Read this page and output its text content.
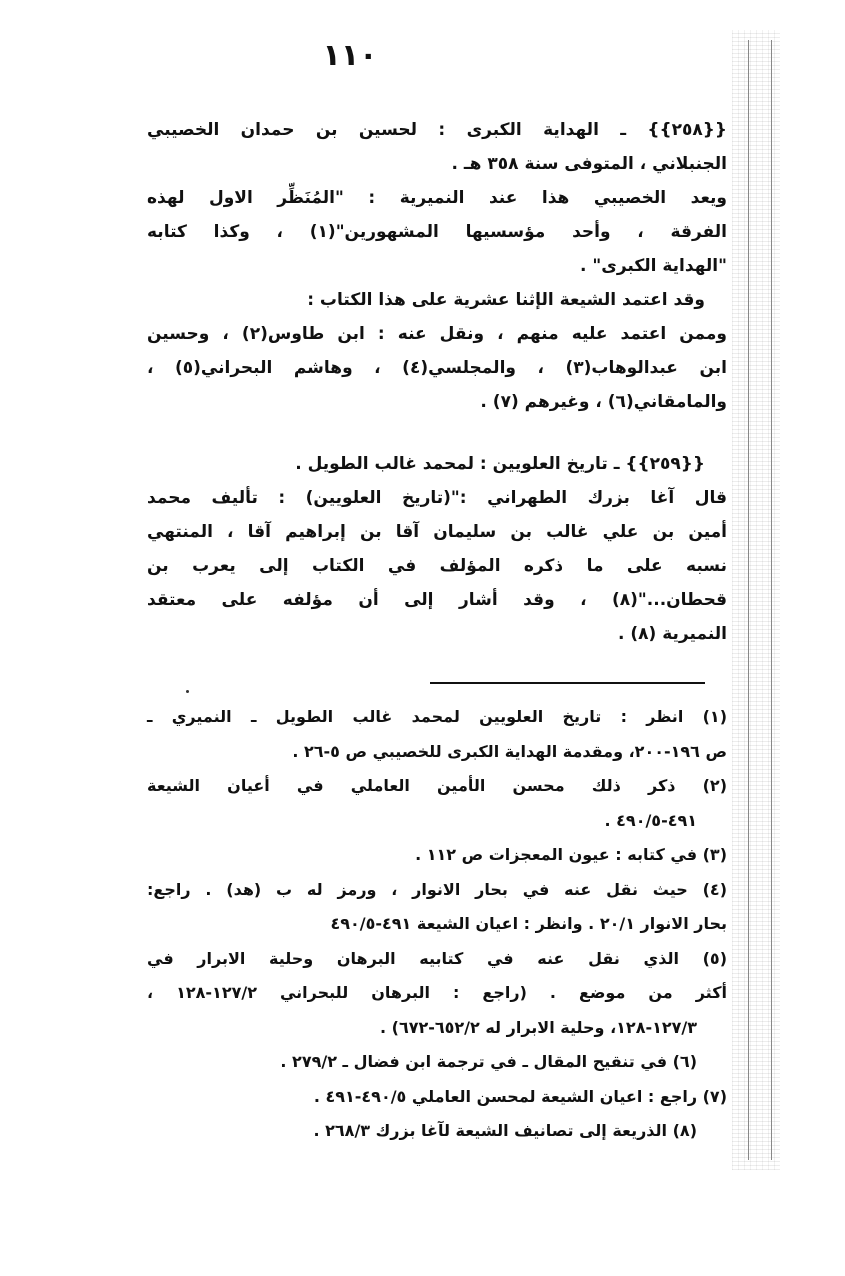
١١٠
{{٢٥٨}} ـ الهداية الكبرى : لحسين بن حمدان الخصيبي
الجنبلاني ، المتوفى سنة ٣٥٨ هـ .
ويعد الخصيبي هذا عند النميرية : "المُنَظِّر الاول لهذه
الفرقة ، وأحد مؤسسيها المشهورين"(١) ، وكذا كتابه
"الهداية الكبرى" .
وقد اعتمد الشيعة الإثنا عشرية على هذا الكتاب :
وممن اعتمد عليه منهم ، ونقل عنه : ابن طاوس(٢) ، وحسين
ابن عبدالوهاب(٣) ، والمجلسي(٤) ، وهاشم البحراني(٥) ،
والمامقاني(٦) ، وغيرهم (٧) .
{{٢٥٩}} ـ تاريخ العلويين : لمحمد غالب الطويل .
قال آغا بزرك الطهراني :"(تاريخ العلويين) : تأليف محمد
أمين بن علي غالب بن سليمان آقا بن إبراهيم آقا ، المنتهي
نسبه على ما ذكره المؤلف في الكتاب إلى يعرب بن
قحطان..."(٨) ، وقد أشار إلى أن مؤلفه على معتقد
النميرية (٨) .
(١) انظر : تاريخ العلويين لمحمد غالب الطويل ـ النميري ـ
ص ١٩٦-٢٠٠، ومقدمة الهداية الكبرى للخصيبي ص ٥-٢٦ .
(٢) ذكر ذلك محسن الأمين العاملي في أعيان الشيعة
٤٩١-٤٩٠/٥ .
(٣) في كتابه : عيون المعجزات ص ١١٢ .
(٤) حيث نقل عنه في بحار الانوار ، ورمز له ب (هد) . راجع:
بحار الانوار ٢٠/١ . وانظر : اعيان الشيعة ٤٩١-٤٩٠/٥
(٥) الذي نقل عنه في كتابيه البرهان وحلية الابرار في
أكثر من موضع . (راجع : البرهان للبحراني ١٢٧/٢-١٢٨ ،
١٢٧/٣-١٢٨، وحلية الابرار له ٦٥٢/٢-٦٧٢) .
(٦) في تنقيح المقال ـ في ترجمة ابن فضال ـ ٢٧٩/٢ .
(٧) راجع : اعيان الشيعة لمحسن العاملي ٤٩٠/٥-٤٩١ .
(٨) الذريعة إلى تصانيف الشيعة لآغا بزرك ٢٦٨/٣ .
